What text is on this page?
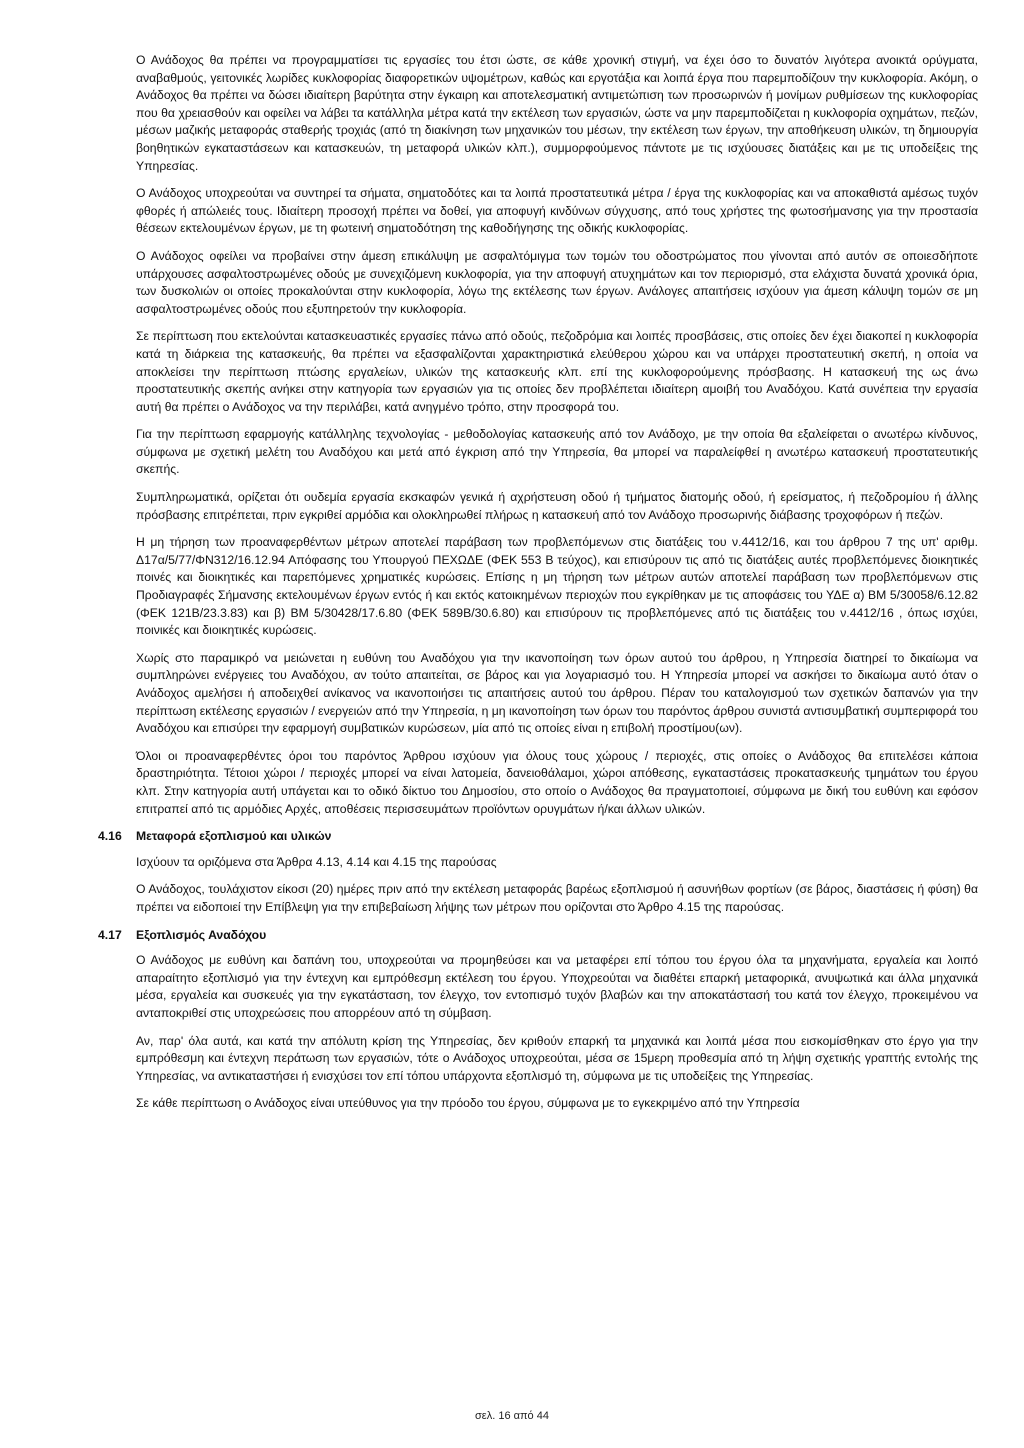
Ο Ανάδοχος θα πρέπει να προγραμματίσει τις εργασίες του έτσι ώστε, σε κάθε χρονική στιγμή, να έχει όσο το δυνατόν λιγότερα ανοικτά ορύγματα, αναβαθμούς, γειτονικές λωρίδες κυκλοφορίας διαφορετικών υψομέτρων, καθώς και εργοτάξια και λοιπά έργα που παρεμποδίζουν την κυκλοφορία. Ακόμη, ο Ανάδοχος θα πρέπει να δώσει ιδιαίτερη βαρύτητα στην έγκαιρη και αποτελεσματική αντιμετώπιση των προσωρινών ή μονίμων ρυθμίσεων της κυκλοφορίας που θα χρειασθούν και οφείλει να λάβει τα κατάλληλα μέτρα κατά την εκτέλεση των εργασιών, ώστε να μην παρεμποδίζεται η κυκλοφορία οχημάτων, πεζών, μέσων μαζικής μεταφοράς σταθερής τροχιάς (από τη διακίνηση των μηχανικών του μέσων, την εκτέλεση των έργων, την αποθήκευση υλικών, τη δημιουργία βοηθητικών εγκαταστάσεων και κατασκευών, τη μεταφορά υλικών κλπ.), συμμορφούμενος πάντοτε με τις ισχύουσες διατάξεις και με τις υποδείξεις της Υπηρεσίας.

Ο Ανάδοχος υποχρεούται να συντηρεί τα σήματα, σηματοδότες και τα λοιπά προστατευτικά μέτρα / έργα της κυκλοφορίας και να αποκαθιστά αμέσως τυχόν φθορές ή απώλειές τους. Ιδιαίτερη προσοχή πρέπει να δοθεί, για αποφυγή κινδύνων σύγχυσης, από τους χρήστες της φωτοσήμανσης για την προστασία θέσεων εκτελουμένων έργων, με τη φωτεινή σηματοδότηση της καθοδήγησης της οδικής κυκλοφορίας.

Ο Ανάδοχος οφείλει να προβαίνει στην άμεση επικάλυψη με ασφαλτόμιγμα των τομών του οδοστρώματος που γίνονται από αυτόν σε οποιεσδήποτε υπάρχουσες ασφαλτοστρωμένες οδούς με συνεχιζόμενη κυκλοφορία, για την αποφυγή ατυχημάτων και τον περιορισμό, στα ελάχιστα δυνατά χρονικά όρια, των δυσκολιών οι οποίες προκαλούνται στην κυκλοφορία, λόγω της εκτέλεσης των έργων. Ανάλογες απαιτήσεις ισχύουν για άμεση κάλυψη τομών σε μη ασφαλτοστρωμένες οδούς που εξυπηρετούν την κυκλοφορία.

Σε περίπτωση που εκτελούνται κατασκευαστικές εργασίες πάνω από οδούς, πεζοδρόμια και λοιπές προσβάσεις, στις οποίες δεν έχει διακοπεί η κυκλοφορία κατά τη διάρκεια της κατασκευής, θα πρέπει να εξασφαλίζονται χαρακτηριστικά ελεύθερου χώρου και να υπάρχει προστατευτική σκεπή, η οποία να αποκλείσει την περίπτωση πτώσης εργαλείων, υλικών της κατασκευής κλπ. επί της κυκλοφορούμενης πρόσβασης. Η κατασκευή της ως άνω προστατευτικής σκεπής ανήκει στην κατηγορία των εργασιών για τις οποίες δεν προβλέπεται ιδιαίτερη αμοιβή του Αναδόχου. Κατά συνέπεια την εργασία αυτή θα πρέπει ο Ανάδοχος να την περιλάβει, κατά ανηγμένο τρόπο, στην προσφορά του.

Για την περίπτωση εφαρμογής κατάλληλης τεχνολογίας - μεθοδολογίας κατασκευής από τον Ανάδοχο, με την οποία θα εξαλείφεται ο ανωτέρω κίνδυνος, σύμφωνα με σχετική μελέτη του Αναδόχου και μετά από έγκριση από την Υπηρεσία, θα μπορεί να παραλείφθεί η ανωτέρω κατασκευή προστατευτικής σκεπής.

Συμπληρωματικά, ορίζεται ότι ουδεμία εργασία εκσκαφών γενικά ή αχρήστευση οδού ή τμήματος διατομής οδού, ή ερείσματος, ή πεζοδρομίου ή άλλης πρόσβασης επιτρέπεται, πριν εγκριθεί αρμόδια και ολοκληρωθεί πλήρως η κατασκευή από τον Ανάδοχο προσωρινής διάβασης τροχοφόρων ή πεζών.

Η μη τήρηση των προαναφερθέντων μέτρων αποτελεί παράβαση των προβλεπόμενων στις διατάξεις του ν.4412/16, και του άρθρου 7 της υπ' αριθμ. Δ17α/5/77/ΦΝ312/16.12.94 Απόφασης του Υπουργού ΠΕΧΩΔΕ (ΦΕΚ 553 Β τεύχος), και επισύρουν τις από τις διατάξεις αυτές προβλεπόμενες διοικητικές ποινές και διοικητικές και παρεπόμενες χρηματικές κυρώσεις. Επίσης η μη τήρηση των μέτρων αυτών αποτελεί παράβαση των προβλεπόμενων στις Προδιαγραφές Σήμανσης εκτελουμένων έργων εντός ή και εκτός κατοικημένων περιοχών που εγκρίθηκαν με τις αποφάσεις του ΥΔΕ α) ΒΜ 5/30058/6.12.82 (ΦΕΚ 121Β/23.3.83) και β) ΒΜ 5/30428/17.6.80 (ΦΕΚ 589Β/30.6.80) και επισύρουν τις προβλεπόμενες από τις διατάξεις του ν.4412/16 , όπως ισχύει, ποινικές και διοικητικές κυρώσεις.

Χωρίς στο παραμικρό να μειώνεται η ευθύνη του Αναδόχου για την ικανοποίηση των όρων αυτού του άρθρου, η Υπηρεσία διατηρεί το δικαίωμα να συμπληρώνει ενέργειες του Αναδόχου, αν τούτο απαιτείται, σε βάρος και για λογαριασμό του. Η Υπηρεσία μπορεί να ασκήσει το δικαίωμα αυτό όταν ο Ανάδοχος αμελήσει ή αποδειχθεί ανίκανος να ικανοποιήσει τις απαιτήσεις αυτού του άρθρου. Πέραν του καταλογισμού των σχετικών δαπανών για την περίπτωση εκτέλεσης εργασιών / ενεργειών από την Υπηρεσία, η μη ικανοποίηση των όρων του παρόντος άρθρου συνιστά αντισυμβατική συμπεριφορά του Αναδόχου και επισύρει την εφαρμογή συμβατικών κυρώσεων, μία από τις οποίες είναι η επιβολή προστίμου(ων).

Όλοι οι προαναφερθέντες όροι του παρόντος Άρθρου ισχύουν για όλους τους χώρους / περιοχές, στις οποίες ο Ανάδοχος θα επιτελέσει κάποια δραστηριότητα. Τέτοιοι χώροι / περιοχές μπορεί να είναι λατομεία, δανειοθάλαμοι, χώροι απόθεσης, εγκαταστάσεις προκατασκευής τμημάτων του έργου κλπ. Στην κατηγορία αυτή υπάγεται και το οδικό δίκτυο του Δημοσίου, στο οποίο ο Ανάδοχος θα πραγματοποιεί, σύμφωνα με δική του ευθύνη και εφόσον επιτραπεί από τις αρμόδιες Αρχές, αποθέσεις περισσευμάτων προϊόντων ορυγμάτων ή/και άλλων υλικών.

4.16 Μεταφορά εξοπλισμού και υλικών

Ισχύουν τα οριζόμενα στα Άρθρα 4.13, 4.14 και 4.15 της παρούσας

Ο Ανάδοχος, τουλάχιστον είκοσι (20) ημέρες πριν από την εκτέλεση μεταφοράς βαρέως εξοπλισμού ή ασυνήθων φορτίων (σε βάρος, διαστάσεις ή φύση) θα πρέπει να ειδοποιεί την Επίβλεψη για την επιβεβαίωση λήψης των μέτρων που ορίζονται στο Άρθρο 4.15 της παρούσας.

4.17 Εξοπλισμός Αναδόχου

Ο Ανάδοχος με ευθύνη και δαπάνη του, υποχρεούται να προμηθεύσει και να μεταφέρει επί τόπου του έργου όλα τα μηχανήματα, εργαλεία και λοιπό απαραίτητο εξοπλισμό για την έντεχνη και εμπρόθεσμη εκτέλεση του έργου. Υποχρεούται να διαθέτει επαρκή μεταφορικά, ανυψωτικά και άλλα μηχανικά μέσα, εργαλεία και συσκευές για την εγκατάσταση, τον έλεγχο, τον εντοπισμό τυχόν βλαβών και την αποκατάστασή του κατά τον έλεγχο, προκειμένου να ανταποκριθεί στις υποχρεώσεις που απορρέουν από τη σύμβαση.

Αν, παρ' όλα αυτά, και κατά την απόλυτη κρίση της Υπηρεσίας, δεν κριθούν επαρκή τα μηχανικά και λοιπά μέσα που εισκομίσθηκαν στο έργο για την εμπρόθεσμη και έντεχνη περάτωση των εργασιών, τότε ο Ανάδοχος υποχρεούται, μέσα σε 15μερη προθεσμία από τη λήψη σχετικής γραπτής εντολής της Υπηρεσίας, να αντικαταστήσει ή ενισχύσει τον επί τόπου υπάρχοντα εξοπλισμό τη, σύμφωνα με τις υποδείξεις της Υπηρεσίας.

Σε κάθε περίπτωση ο Ανάδοχος είναι υπεύθυνος για την πρόοδο του έργου, σύμφωνα με το εγκεκριμένο από την Υπηρεσία

σελ. 16 από 44
